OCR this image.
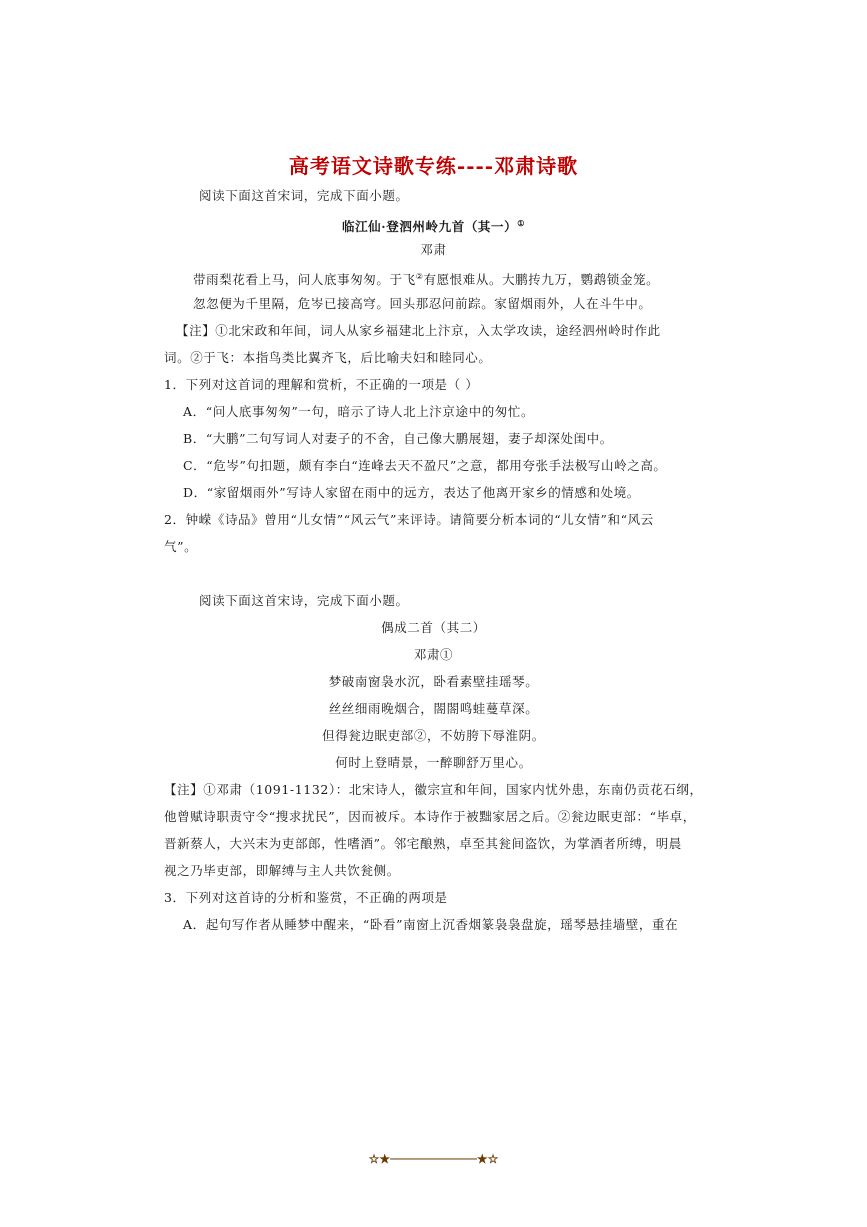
高考语文诗歌专练----邓肃诗歌
阅读下面这首宋词，完成下面小题。
临江仙·登泗州岭九首（其一）①
邓肃
带雨梨花看上马，问人底事匆匆。于飞②有愿恨难从。大鹏抟九万，鹦鹉锁金笼。
忽忽便为千里隔，危岑已接高穹。回头那忍问前踪。家留烟雨外，人在斗牛中。
【注】①北宋政和年间，词人从家乡福建北上汴京，入太学攻读，途经泗州岭时作此
词。②于飞：本指鸟类比翼齐飞，后比喻夫妇和睦同心。
1．下列对这首词的理解和赏析，不正确的一项是（ ）
A．“问人底事匆匆”一句，暗示了诗人北上汴京途中的匆忙。
B．“大鹏”二句写词人对妻子的不舍，自己像大鹏展翅，妻子却深处闺中。
C．“危岑”句扣题，颇有李白“连峰去天不盈尺”之意，都用夸张手法极写山岭之高。
D．“家留烟雨外”写诗人家留在雨中的远方，表达了他离开家乡的情感和处境。
2．钟嵘《诗品》曾用“儿女情”“风云气”来评诗。请简要分析本词的“儿女情”和“风云
气”。
阅读下面这首宋诗，完成下面小题。
偶成二首（其二）
邓肃①
梦破南窗袅水沉，卧看素壁挂瑶琴。
丝丝细雨晚烟合，閤閤鸣蛙蔓草深。
但得瓮边眠吏部②，不妨胯下辱淮阴。
何时上登晴景，一醉聊舒万里心。
【注】①邓肃（1091-1132）：北宋诗人，徽宗宣和年间，国家内忧外患，东南仍贡花石纲，
他曾赋诗职责守令“搜求扰民”，因而被斥。本诗作于被黜家居之后。②瓮边眠吏部：“毕卓，
晋新蔡人，大兴末为吏部郎，性嗜酒”。邻宅酿熟，卓至其瓮间盗饮，为掌酒者所缚，明晨
视之乃毕吏部，即解缚与主人共饮瓮侧。
3．下列对这首诗的分析和鉴赏，不正确的两项是
A．起句写作者从睡梦中醒来，“卧看”南窗上沉香烟篆袅袅盘旋，瑶琴悬挂墙壁，重在
☆★────────────★☆
